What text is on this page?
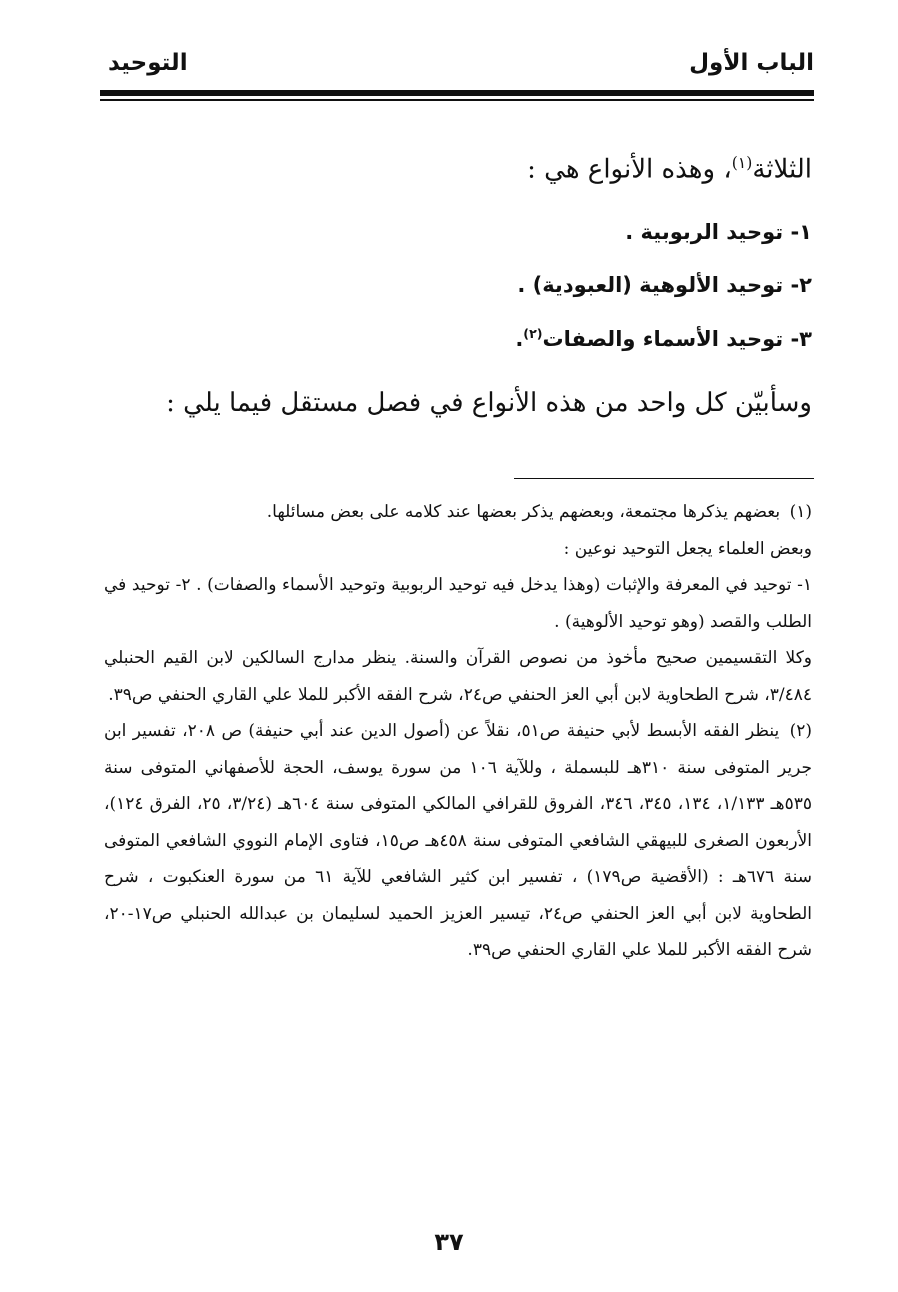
الباب الأول
التوحيد
الثلاثة$^{(١)}$، وهذه الأنواع هي :
١- توحيد الربوبية .
٢- توحيد الألوهية (العبودية) .
٣- توحيد الأسماء والصفات$^{(٢)}$.
وسأبيّن كل واحد من هذه الأنواع في فصل مستقل فيما يلي :

(١) بعضهم يذكرها مجتمعة، وبعضهم يذكر بعضها عند كلامه على بعض مسائلها.

وبعض العلماء يجعل التوحيد نوعين :

١- توحيد في المعرفة والإثبات (وهذا يدخل فيه توحيد الربوبية وتوحيد الأسماء والصفات) . ٢- توحيد في الطلب والقصد (وهو توحيد الألوهية) .

وكلا التقسيمين صحيح مأخوذ من نصوص القرآن والسنة. ينظر مدارج السالكين لابن القيم الحنبلي ٣/٤٨٤، شرح الطحاوية لابن أبي العز الحنفي ص٢٤، شرح الفقه الأكبر للملا علي القاري الحنفي ص٣٩.

(٢) ينظر الفقه الأبسط لأبي حنيفة ص٥١، نقلاً عن (أصول الدين عند أبي حنيفة) ص ٢٠٨، تفسير ابن جرير المتوفى سنة ٣١٠هـ للبسملة ، وللآية ١٠٦ من سورة يوسف، الحجة للأصفهاني المتوفى سنة ٥٣٥هـ ١/١٣٣، ١٣٤، ٣٤٥، ٣٤٦، الفروق للقرافي المالكي المتوفى سنة ٦٠٤هـ (٣/٢٤، ٢٥، الفرق ١٢٤)، الأربعون الصغرى للبيهقي الشافعي المتوفى سنة ٤٥٨هـ ص١٥، فتاوى الإمام النووي الشافعي المتوفى سنة ٦٧٦هـ : (الأقضية ص١٧٩) ، تفسير ابن كثير الشافعي للآية ٦١ من سورة العنكبوت ، شرح الطحاوية لابن أبي العز الحنفي ص٢٤، تيسير العزيز الحميد لسليمان بن عبدالله الحنبلي ص١٧-٢٠، شرح الفقه الأكبر للملا علي القاري الحنفي ص٣٩.

٣٧
